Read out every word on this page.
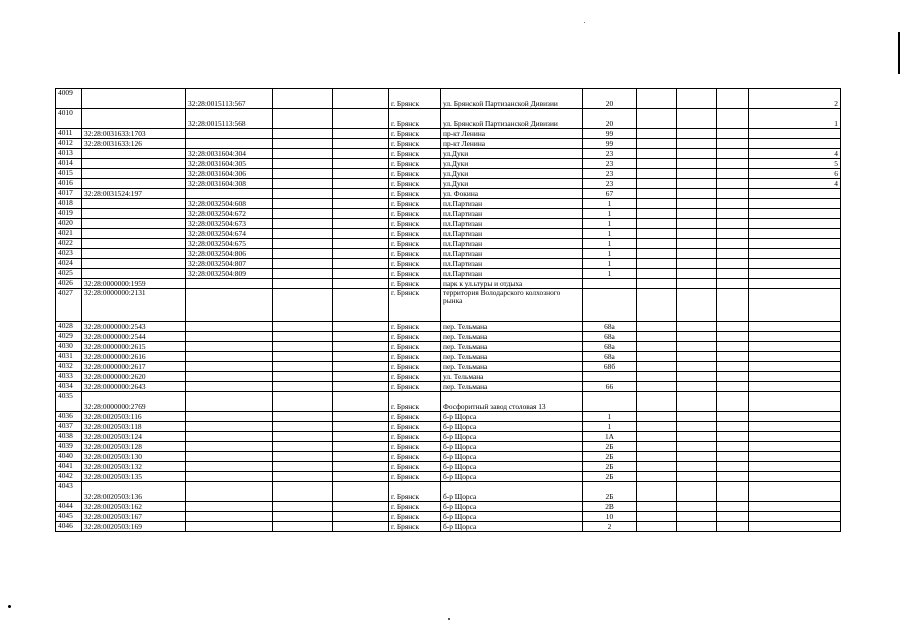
4009		32:28:0015113:567			г. Брянск	ул. Брянской Партизанской Дивизии	20				2
4010		32:28:0015113:568			г. Брянск	ул. Брянской Партизанской Дивизии	20				1
4011	32:28:0031633:1703				г. Брянск	пр-кт Ленина	99				
4012	32:28:0031633:126				г. Брянск	пр-кт Ленина	99				
4013		32:28:0031604:304			г. Брянск	ул.Дуки	23				4
4014		32:28:0031604:305			г. Брянск	ул.Дуки	23				5
4015		32:28:0031604:306			г. Брянск	ул.Дуки	23				6
4016		32:28:0031604:308			г. Брянск	ул.Дуки	23				4
4017	32:28:0031524:197				г. Брянск	ул. Фокина	67				
4018		32:28:0032504:608			г. Брянск	пл.Партизан	1				
4019		32:28:0032504:672			г. Брянск	пл.Партизан	1				
4020		32:28:0032504:673			г. Брянск	пл.Партизан	1				
4021		32:28:0032504:674			г. Брянск	пл.Партизан	1				
4022		32:28:0032504:675			г. Брянск	пл.Партизан	1				
4023		32:28:0032504:806			г. Брянск	пл.Партизан	1				
4024		32:28:0032504:807			г. Брянск	пл.Партизан	1				
4025		32:28:0032504:809			г. Брянск	пл.Партизан	1				
4026	32:28:0000000:1959				г. Брянск	парк к ул.ьтуры и отдыха					
4027	32:28:0000000:2131				г. Брянск	территория Володарского колхозного рынка					
4028	32:28:0000000:2543				г. Брянск	пер. Тельмана	68а				
4029	32:28:0000000:2544				г. Брянск	пер. Тельмана	68а				
4030	32:28:0000000:2615				г. Брянск	пер. Тельмана	68а				
4031	32:28:0000000:2616				г. Брянск	пер. Тельмана	68а				
4032	32:28:0000000:2617				г. Брянск	пер. Тельмана	68б				
4033	32:28:0000000:2620				г. Брянск	ул. Тельмана					
4034	32:28:0000000:2643				г. Брянск	пер. Тельмана	66				
4035	32:28:0000000:2769				г. Брянск	Фосфоритный завод столовая 13					
4036	32:28:0020503:116				г. Брянск	б-р Щорса	1				
4037	32:28:0020503:118				г. Брянск	б-р Щорса	1				
4038	32:28:0020503:124				г. Брянск	б-р Щорса	1А				
4039	32:28:0020503:128				г. Брянск	б-р Щорса	2Б				
4040	32:28:0020503:130				г. Брянск	б-р Щорса	2Б				
4041	32:28:0020503:132				г. Брянск	б-р Щорса	2Б				
4042	32:28:0020503:135				г. Брянск	б-р Щорса	2Б				
4043	32:28:0020503:136				г. Брянск	б-р Щорса	2Б				
4044	32:28:0020503:162				г. Брянск	б-р Щорса	2В				
4045	32:28:0020503:167				г. Брянск	б-р Щорса	10				
4046	32:28:0020503:169				г. Брянск	б-р Щорса	2				
